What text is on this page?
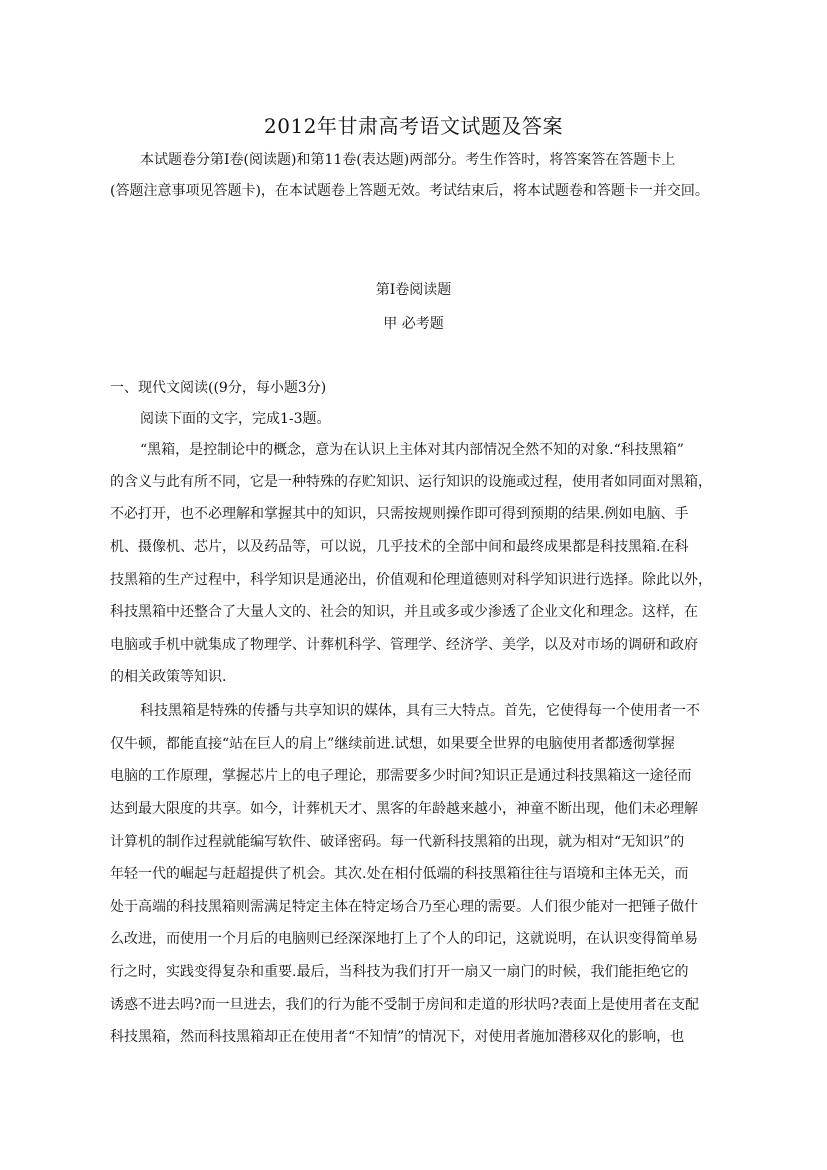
2012年甘肃高考语文试题及答案
本试题卷分第Ⅰ卷(阅读题)和第11卷(表达题)两部分。考生作答时，将答案答在答题卡上
(答题注意事项见答题卡)，在本试题卷上答题无效。考试结束后，将本试题卷和答题卡一并交回。
第Ⅰ卷阅读题
甲 必考题
一、现代文阅读((9分，每小题3分)
阅读下面的文字，完成1-3题。
“黑箱，是控制论中的概念，意为在认识上主体对其内部情况全然不知的对象.“科技黑箱”
的含义与此有所不同，它是一种特殊的存贮知识、运行知识的设施或过程，使用者如同面对黑箱，
不必打开，也不必理解和掌握其中的知识，只需按规则操作即可得到预期的结果.例如电脑、手
机、摄像机、芯片，以及药品等，可以说，几乎技术的全部中间和最终成果都是科技黑箱.在科
技黑箱的生产过程中，科学知识是通泌出，价值观和伦理道德则对科学知识进行选择。除此以外，
科技黑箱中还整合了大量人文的、社会的知识，并且或多或少渗透了企业文化和理念。这样，在
电脑或手机中就集成了物理学、计葬机科学、管理学、经济学、美学，以及对市场的调研和政府
的相关政策等知识.
科技黑箱是特殊的传播与共享知识的媒体，具有三大特点。首先，它使得每一个使用者一不
仅牛顿，都能直接“站在巨人的肩上”继续前进.试想，如果要全世界的电脑使用者都透彻掌握
电脑的工作原理，掌握芯片上的电子理论，那需要多少时间?知识正是通过科技黑箱这一途径而
达到最大限度的共享。如今，计葬机天才、黑客的年龄越来越小，神童不断出现，他们未必理解
计算机的制作过程就能编写软件、破译密码。每一代新科技黑箱的出现，就为相对“无知识”的
年轻一代的崛起与赶超提供了机会。其次.处在相付低端的科技黑箱往往与语境和主体无关，而
处于高端的科技黑箱则需满足特定主体在特定场合乃至心理的需要。人们很少能对一把锤子做什
么改进，而使用一个月后的电脑则已经深深地打上了个人的印记，这就说明，在认识变得简单易
行之时，实践变得复杂和重要.最后，当科技为我们打开一扇又一扇门的时候，我们能拒绝它的
诱惑不进去吗?而一旦进去，我们的行为能不受制于房间和走道的形状吗?表面上是使用者在支配
科技黑箱，然而科技黑箱却正在使用者“不知情”的情况下，对使用者施加潜移双化的影响，也
